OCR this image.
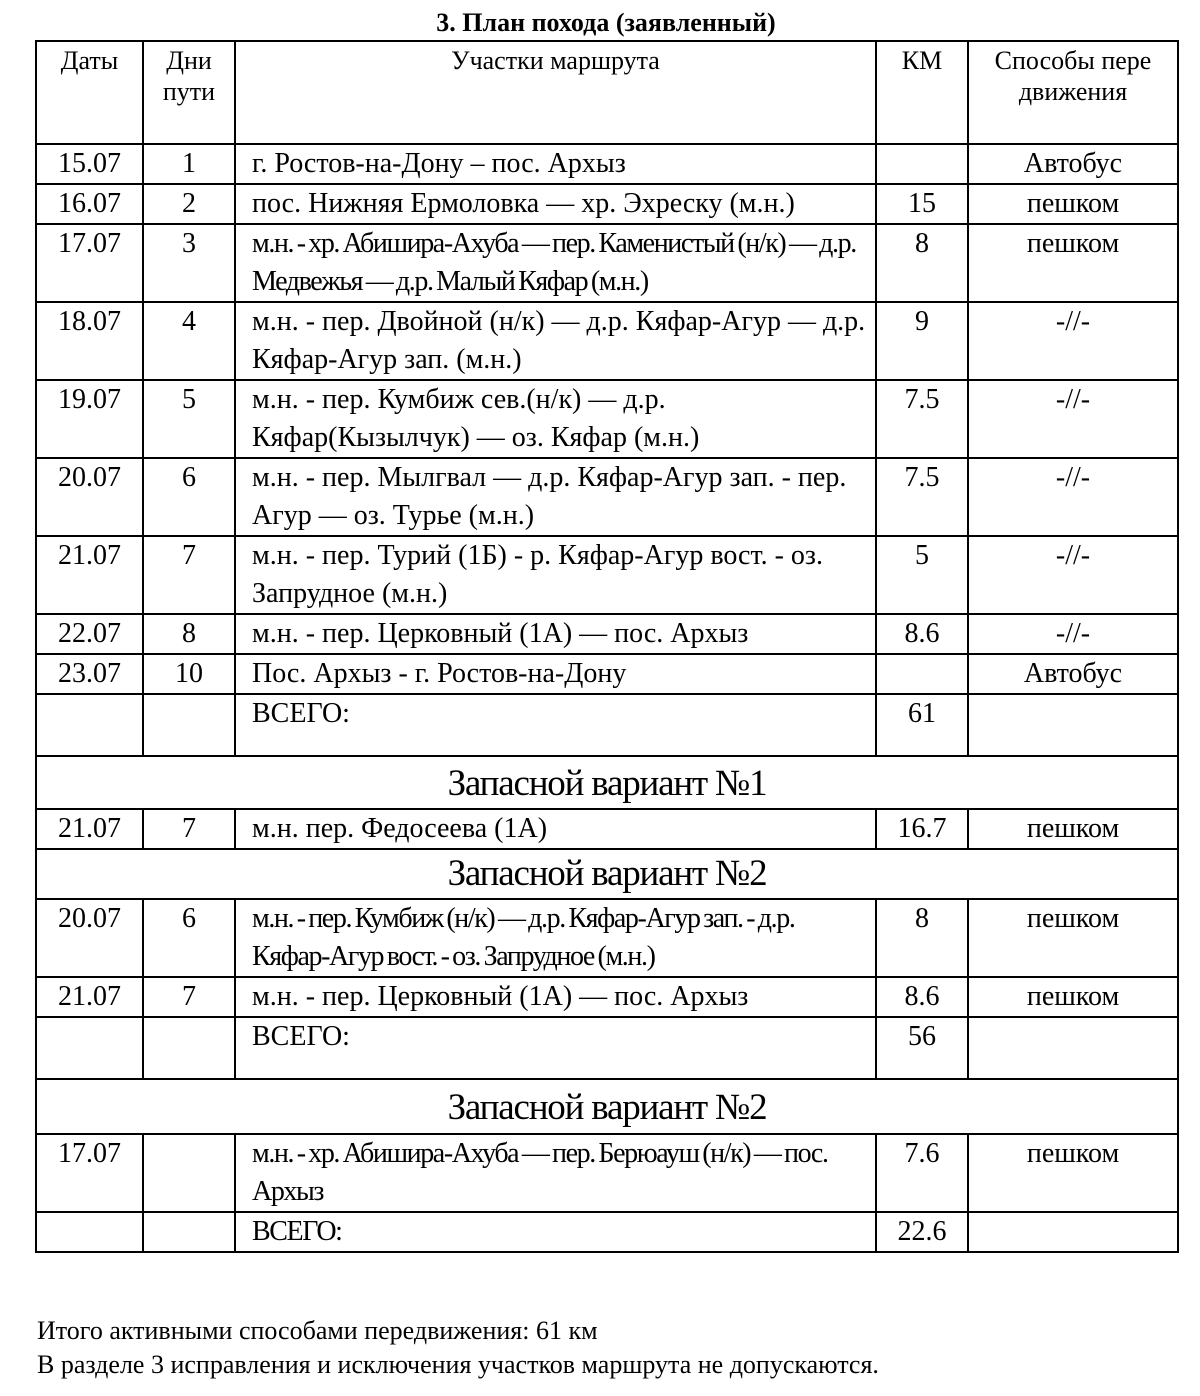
3. План похода (заявленный)
Даты	Дни пути	Участки маршрута	КМ	Способы передвижения
15.07	1	г. Ростов-на-Дону – пос. Архыз		Автобус
16.07	2	пос. Нижняя Ермоловка — хр. Эхреску (м.н.)	15	пешком
17.07	3	м.н. - хр. Абишира-Ахуба — пер. Каменистый (н/к) — д.р. Медвежья — д.р. Малый Кяфар (м.н.)	8	пешком
18.07	4	м.н. - пер. Двойной (н/к) — д.р. Кяфар-Агур — д.р. Кяфар-Агур зап. (м.н.)	9	-//-
19.07	5	м.н. - пер. Кумбиж сев.(н/к) — д.р. Кяфар(Кызылчук) — оз. Кяфар (м.н.)	7.5	-//-
20.07	6	м.н. - пер. Мылгвал — д.р. Кяфар-Агур зап. - пер. Агур — оз. Турье (м.н.)	7.5	-//-
21.07	7	м.н. - пер. Турий (1Б) - р. Кяфар-Агур вост. - оз. Запрудное (м.н.)	5	-//-
22.07	8	м.н. - пер. Церковный (1А) — пос. Архыз	8.6	-//-
23.07	10	Пос. Архыз - г. Ростов-на-Дону		Автобус
		ВСЕГО:	61	
Запасной вариант №1				
21.07	7	м.н. пер. Федосеева (1А)	16.7	пешком
Запасной вариант №2				
20.07	6	м.н. - пер. Кумбиж (н/к) — д.р. Кяфар-Агур зап. - д.р. Кяфар-Агур вост. - оз. Запрудное (м.н.)	8	пешком
21.07	7	м.н. - пер. Церковный (1А) — пос. Архыз	8.6	пешком
		ВСЕГО:	56	
Запасной вариант №2				
17.07		м.н. - хр. Абишира-Ахуба — пер. Берюауш (н/к) — пос. Архыз	7.6	пешком
		ВСЕГО:	22.6	
Итого активными способами передвижения: 61 км
В разделе 3 исправления и исключения участков маршрута не допускаются.
